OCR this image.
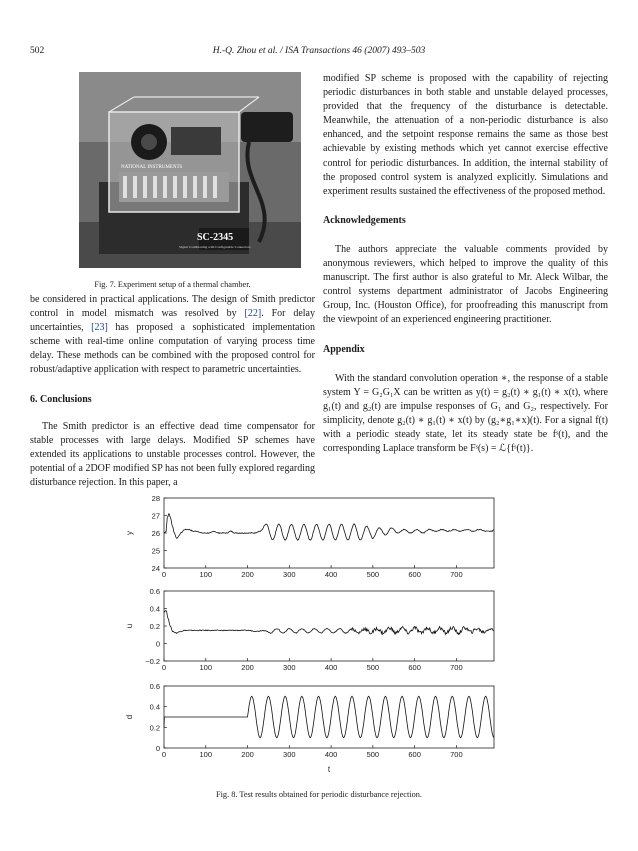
502	H.-Q. Zhou et al. / ISA Transactions 46 (2007) 493–503
NATIONAL INSTRUMENTS
SC-2345
Signal Conditioning with Configurable Connectors
Fig. 7. Experiment setup of a thermal chamber.

be considered in practical applications. The design of Smith predictor control in model mismatch was resolved by [22]. For delay uncertainties, [23] has proposed a sophisticated implementation scheme with real-time online computation of varying process time delay. These methods can be combined with the proposed control for robust/adaptive application with respect to parametric uncertainties.

6. Conclusions

The Smith predictor is an effective dead time compensator for stable processes with large delays. Modified SP schemes have extended its applications to unstable processes control. However, the potential of a 2DOF modified SP has not been fully explored regarding disturbance rejection. In this paper, a

modified SP scheme is proposed with the capability of rejecting periodic disturbances in both stable and unstable delayed processes, provided that the frequency of the disturbance is detectable. Meanwhile, the attenuation of a non-periodic disturbance is also enhanced, and the setpoint response remains the same as those best achievable by existing methods which yet cannot exercise effective control for periodic disturbances. In addition, the internal stability of the proposed control system is analyzed explicitly. Simulations and experiment results sustained the effectiveness of the proposed method.

Acknowledgements

The authors appreciate the valuable comments provided by anonymous reviewers, which helped to improve the quality of this manuscript. The first author is also grateful to Mr. Aleck Wilbar, the control systems department administrator of Jacobs Engineering Group, Inc. (Houston Office), for proofreading this manuscript from the viewpoint of an experienced engineering practitioner.

Appendix

With the standard convolution operation ∗, the response of a stable system Y = G₂G₁X can be written as y(t) = g₂(t) ∗ g₁(t) ∗ x(t), where g₁(t) and g₂(t) are impulse responses of G₁ and G₂, respectively. For simplicity, denote g₂(t) ∗ g₁(t) ∗ x(t) by (g₂∗g₁∗x)(t). For a signal f(t) with a periodic steady state, let its steady state be fˢ(t), and the corresponding Laplace transform be Fˢ(s) = ℒ{fˢ(t)}.

24
25
26
27
28
0	100	200	300	400	500	600	700
y
−0.2
0
0.2
0.4
0.6
0	100	200	300	400	500	600	700
u
0
0.2
0.4
0.6
0	100	200	300	400	500	600	700
d
t
Fig. 8. Test results obtained for periodic disturbance rejection.
